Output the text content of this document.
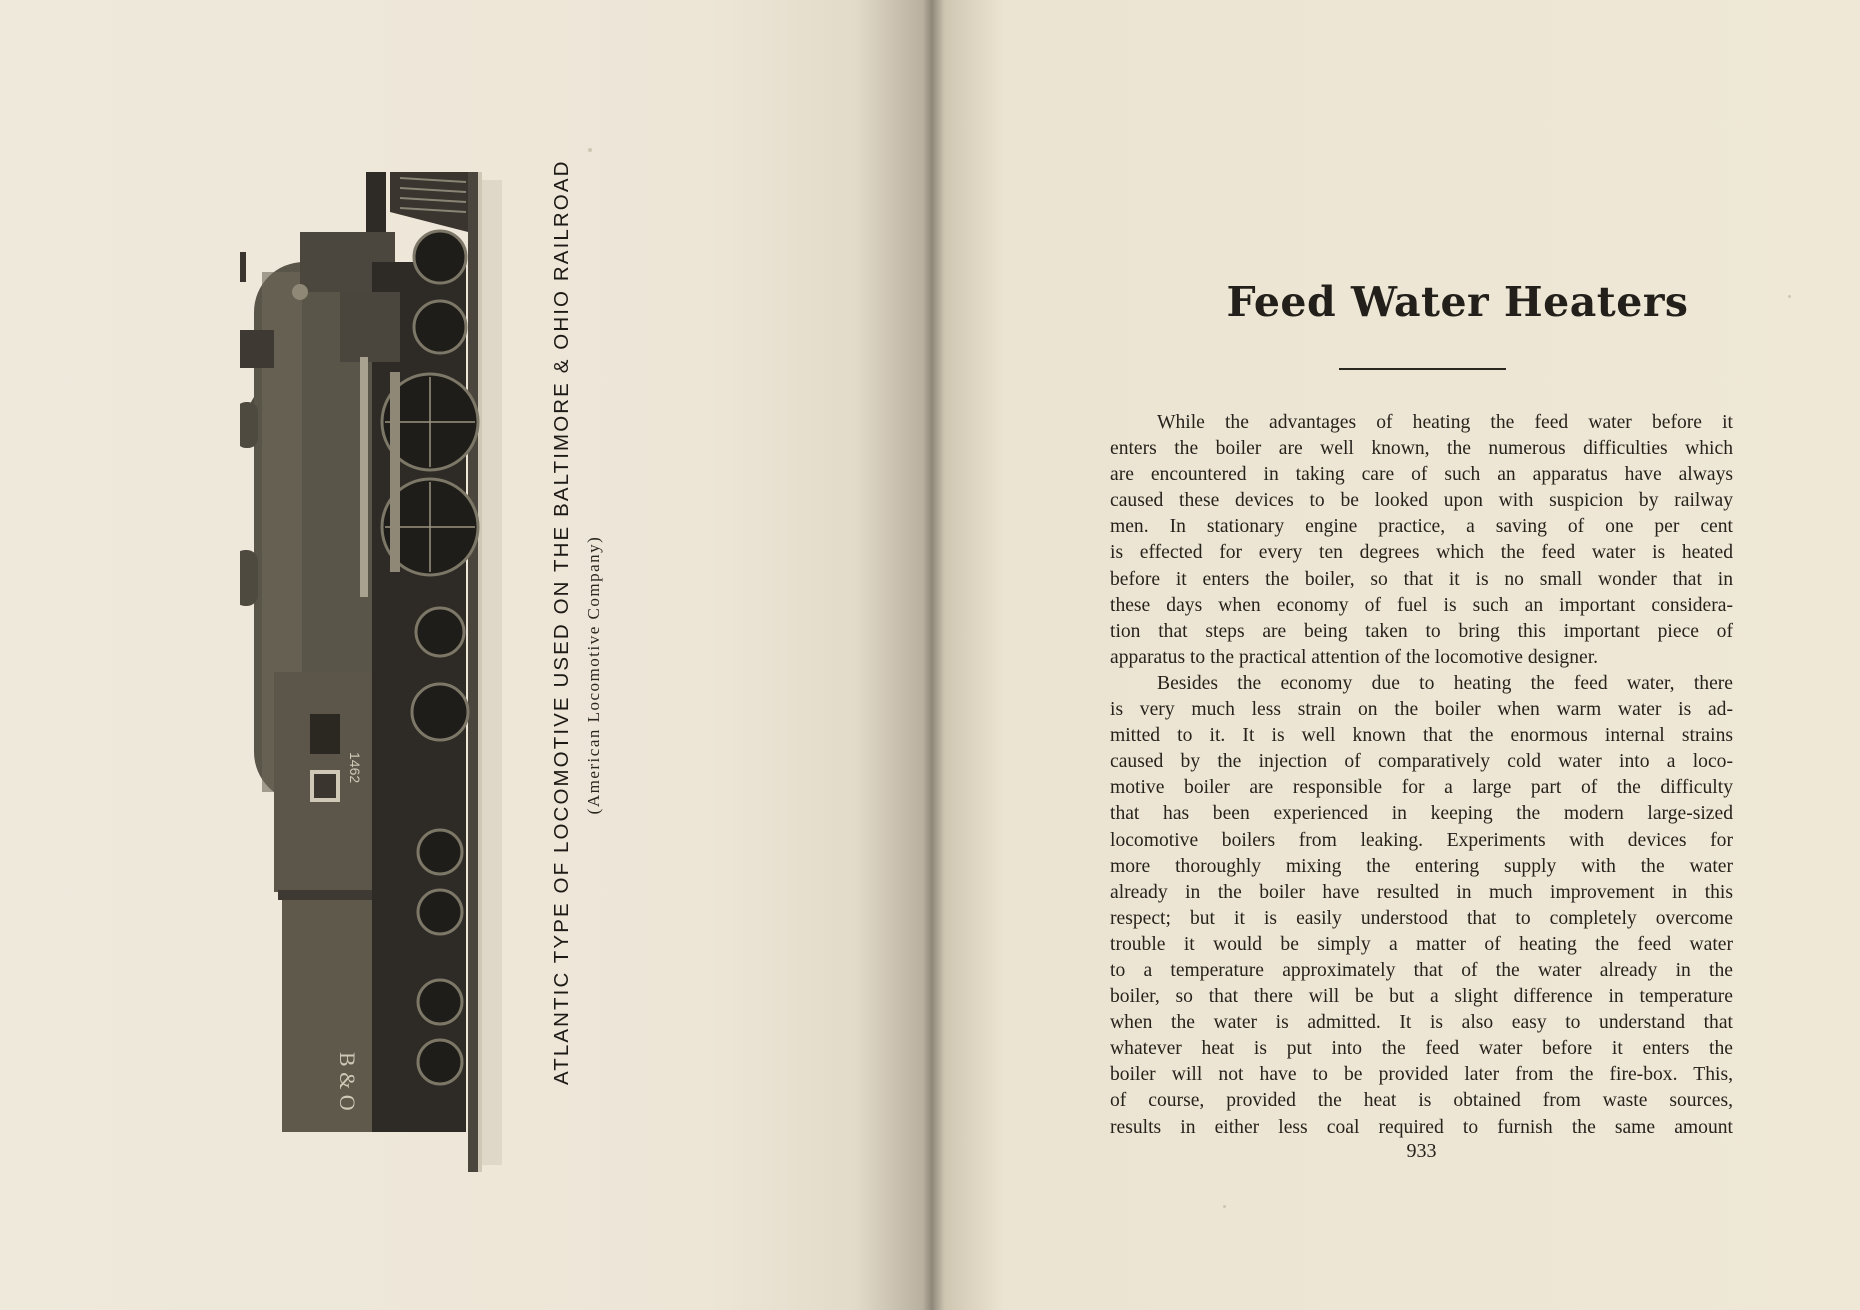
1462
B & O	ATLANTIC TYPE OF LOCOMOTIVE USED ON THE BALTIMORE & OHIO RAILROAD (American Locomotive Company)
Feed Water Heaters
While the advantages of heating the feed water before it
enters the boiler are well known, the numerous difficulties which
are encountered in taking care of such an apparatus have always
caused these devices to be looked upon with suspicion by railway
men. In stationary engine practice, a saving of one per cent
is effected for every ten degrees which the feed water is heated
before it enters the boiler, so that it is no small wonder that in
these days when economy of fuel is such an important considera-
tion that steps are being taken to bring this important piece of
apparatus to the practical attention of the locomotive designer.
Besides the economy due to heating the feed water, there
is very much less strain on the boiler when warm water is ad-
mitted to it. It is well known that the enormous internal strains
caused by the injection of comparatively cold water into a loco-
motive boiler are responsible for a large part of the difficulty
that has been experienced in keeping the modern large-sized
locomotive boilers from leaking. Experiments with devices for
more thoroughly mixing the entering supply with the water
already in the boiler have resulted in much improvement in this
respect; but it is easily understood that to completely overcome
trouble it would be simply a matter of heating the feed water
to a temperature approximately that of the water already in the
boiler, so that there will be but a slight difference in temperature
when the water is admitted. It is also easy to understand that
whatever heat is put into the feed water before it enters the
boiler will not have to be provided later from the fire-box. This,
of course, provided the heat is obtained from waste sources,
results in either less coal required to furnish the same amount
933
